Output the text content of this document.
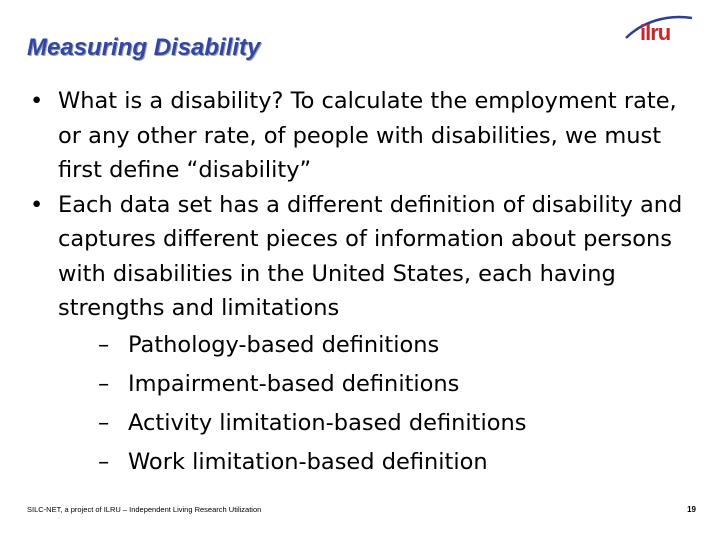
Measuring Disability
ilru
• What is a disability? To calculate the employment rate, or any other rate, of people with disabilities, we must first define “disability”
• Each data set has a different definition of disability and captures different pieces of information about persons with disabilities in the United States, each having strengths and limitations
– Pathology-based definitions
– Impairment-based definitions
– Activity limitation-based definitions
– Work limitation-based definition
SILC-NET, a project of ILRU – Independent Living Research Utilization	19
